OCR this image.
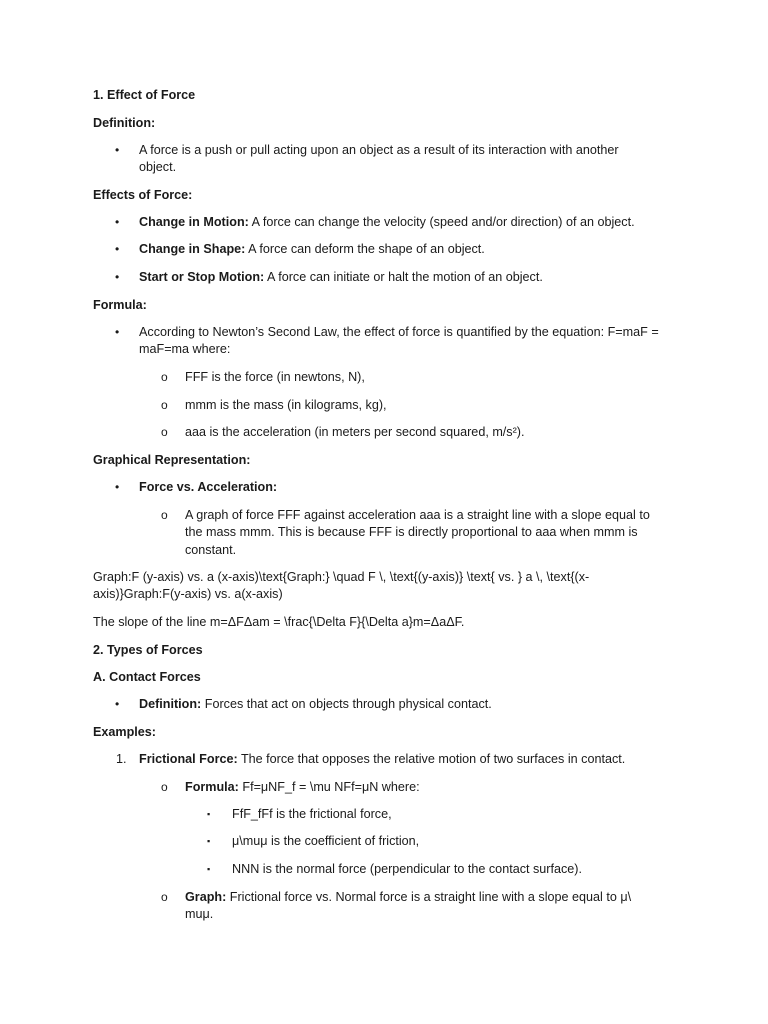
1. Effect of Force
Definition:
• A force is a push or pull acting upon an object as a result of its interaction with another
object.
Effects of Force:
• Change in Motion: A force can change the velocity (speed and/or direction) of an object.
• Change in Shape: A force can deform the shape of an object.
• Start or Stop Motion: A force can initiate or halt the motion of an object.
Formula:
• According to Newton’s Second Law, the effect of force is quantified by the equation: F=maF =
maF=ma where:
o FFF is the force (in newtons, N),
o mmm is the mass (in kilograms, kg),
o aaa is the acceleration (in meters per second squared, m/s²).
Graphical Representation:
• Force vs. Acceleration:
o A graph of force FFF against acceleration aaa is a straight line with a slope equal to
the mass mmm. This is because FFF is directly proportional to aaa when mmm is
constant.
Graph:F (y-axis) vs. a (x-axis)\text{Graph:} \quad F \, \text{(y-axis)} \text{ vs. } a \, \text{(x-
axis)}Graph:F(y-axis) vs. a(x-axis)
The slope of the line m=ΔFΔam = \frac{\Delta F}{\Delta a}m=ΔaΔF.
2. Types of Forces
A. Contact Forces
• Definition: Forces that act on objects through physical contact.
Examples:
1. Frictional Force: The force that opposes the relative motion of two surfaces in contact.
o Formula: Ff=μNF_f = \mu NFf=μN where:
▪ FfF_fFf is the frictional force,
▪ μ\muμ is the coefficient of friction,
▪ NNN is the normal force (perpendicular to the contact surface).
o Graph: Frictional force vs. Normal force is a straight line with a slope equal to μ\
muμ.
